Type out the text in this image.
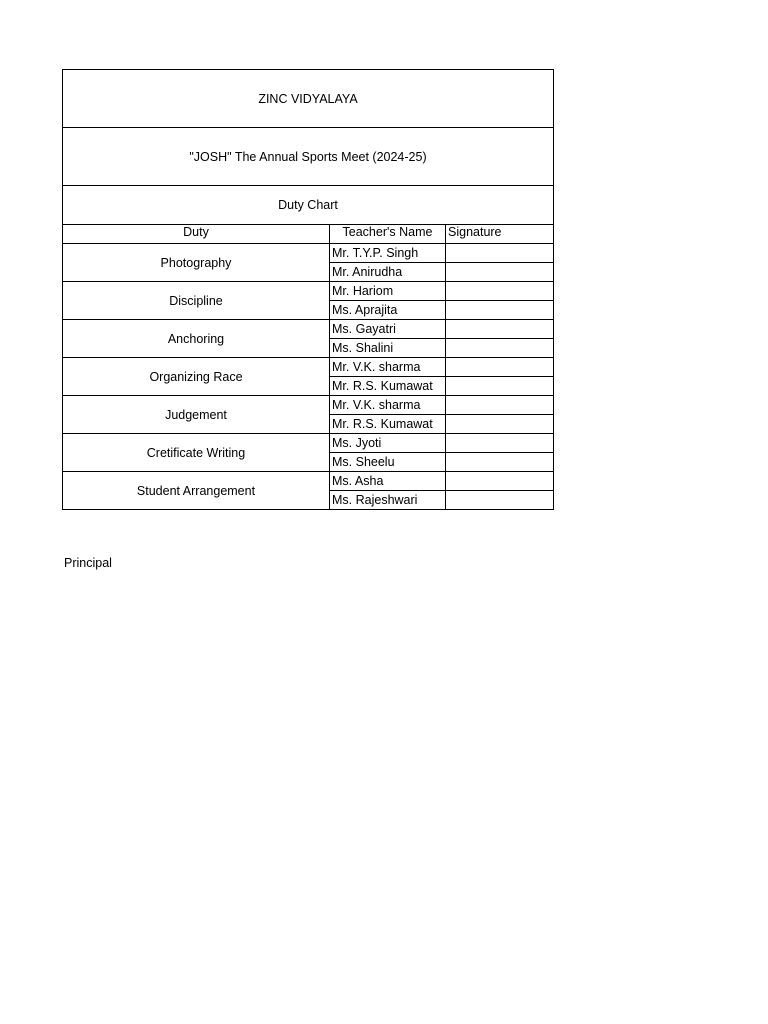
ZINC VIDYALAYA		
"JOSH" The Annual Sports Meet (2024-25)		
Duty Chart		
Duty	Teacher's Name	Signature
Photography	Mr. T.Y.P. Singh	
	Mr. Anirudha	
Discipline	Mr. Hariom	
	Ms. Aprajita	
Anchoring	Ms. Gayatri	
	Ms. Shalini	
Organizing Race	Mr. V.K. sharma	
	Mr. R.S. Kumawat	
Judgement	Mr. V.K. sharma	
	Mr. R.S. Kumawat	
Cretificate Writing	Ms. Jyoti	
	Ms. Sheelu	
Student Arrangement	Ms. Asha	
	Ms. Rajeshwari	
Principal
